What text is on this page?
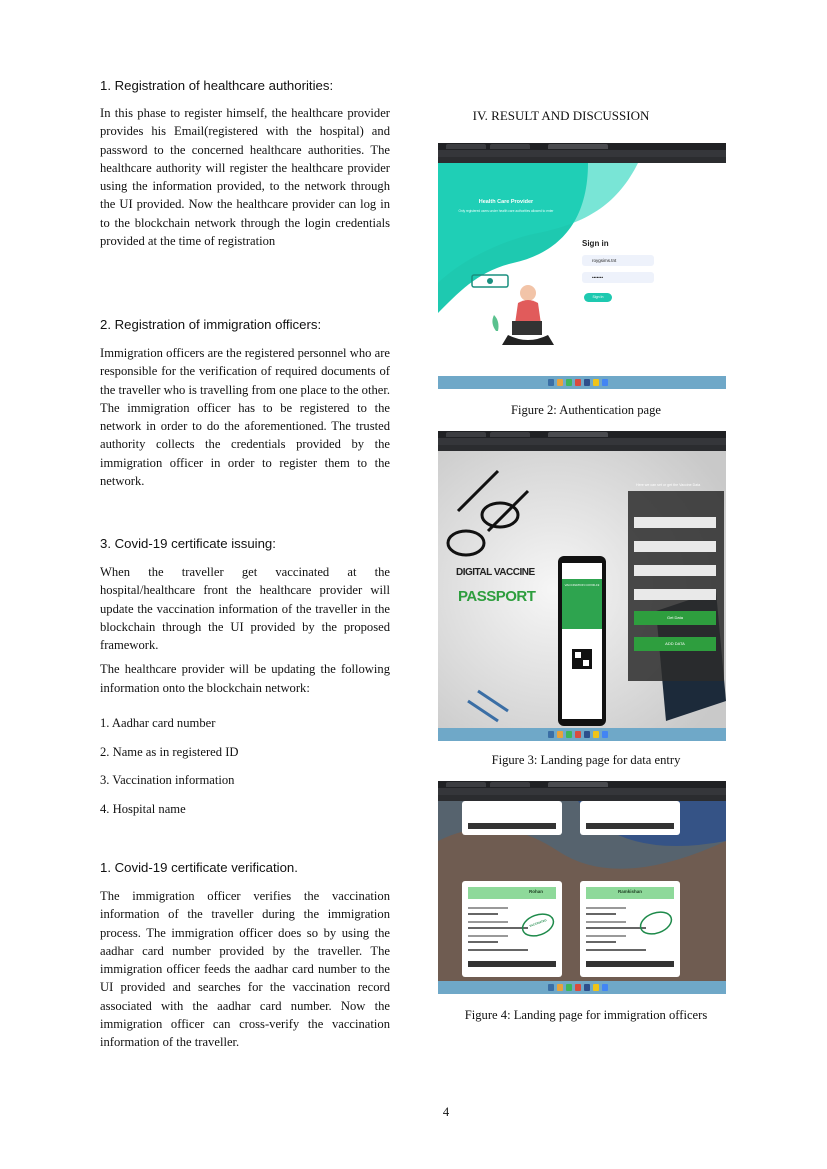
1. Registration of healthcare authorities:

In this phase to register himself, the healthcare provider provides his Email(registered with the hospital) and password to the concerned healthcare authorities. The healthcare authority will register the healthcare provider using the information provided, to the network through the UI provided. Now the healthcare provider can log in to the blockchain network through the login credentials provided at the time of registration

2. Registration of immigration officers:

Immigration officers are the registered personnel who are responsible for the verification of required documents of the traveller who is travelling from one place to the other. The immigration officer has to be registered to the network in order to do the aforementioned. The trusted authority collects the credentials provided by the immigration officer in order to register them to the network.

3. Covid-19 certificate issuing:

When the traveller get vaccinated at the hospital/healthcare front the healthcare provider will update the vaccination information of the traveller in the blockchain through the UI provided by the proposed framework.

The healthcare provider will be updating the following information onto the blockchain network:

1. Aadhar card number

2. Name as in registered ID

3. Vaccination information

4. Hospital name

1. Covid-19 certificate verification.

The immigration officer verifies the vaccination information of the traveller during the immigration process. The immigration officer does so by using the aadhar card number provided by the traveller. The immigration officer feeds the aadhar card number to the UI provided and searches for the vaccination record associated with the aadhar card number. Now the immigration officer can cross-verify the vaccination information of the traveller.

IV. RESULT AND DISCUSSION
Health Care Provider
Only registered users under health care authorities allowed to enter
Sign in
roygsims.tnt
•••••••
Sign In
Figure 2: Authentication page
DIGITAL VACCINE
PASSPORT
Here we can set or get the Vaccine Data
VACCINATION COVID-19
Get Data
ADD DATA
Figure 3: Landing page for data entry
Rohan	Ramkishan
VACCINATED
Figure 4: Landing page for immigration officers
4
